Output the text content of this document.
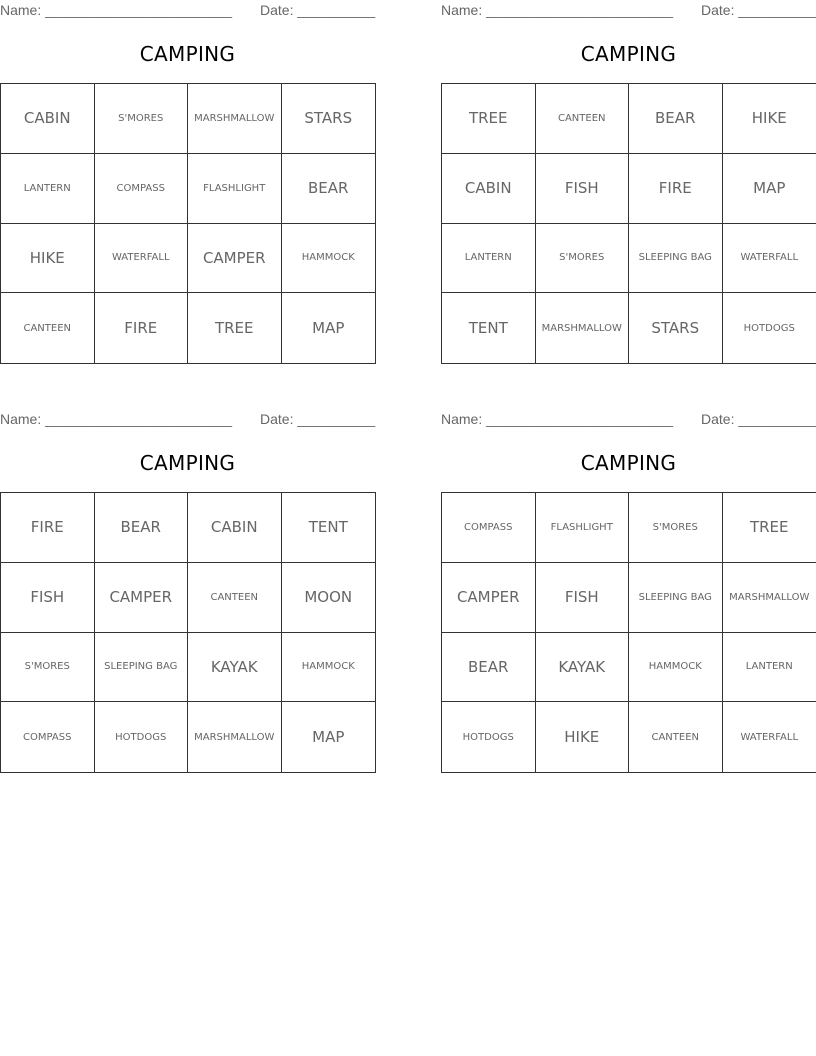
Name: ________________________ Date: __________
CAMPING
CABIN	S'MORES	MARSHMALLOW	STARS
LANTERN	COMPASS	FLASHLIGHT	BEAR
HIKE	WATERFALL	CAMPER	HAMMOCK
CANTEEN	FIRE	TREE	MAP
Name: ________________________ Date: __________
CAMPING
TREE	CANTEEN	BEAR	HIKE
CABIN	FISH	FIRE	MAP
LANTERN	S'MORES	SLEEPING BAG	WATERFALL
TENT	MARSHMALLOW	STARS	HOTDOGS
Name: ________________________ Date: __________
CAMPING
FIRE	BEAR	CABIN	TENT
FISH	CAMPER	CANTEEN	MOON
S'MORES	SLEEPING BAG	KAYAK	HAMMOCK
COMPASS	HOTDOGS	MARSHMALLOW	MAP
Name: ________________________ Date: __________
CAMPING
COMPASS	FLASHLIGHT	S'MORES	TREE
CAMPER	FISH	SLEEPING BAG	MARSHMALLOW
BEAR	KAYAK	HAMMOCK	LANTERN
HOTDOGS	HIKE	CANTEEN	WATERFALL
